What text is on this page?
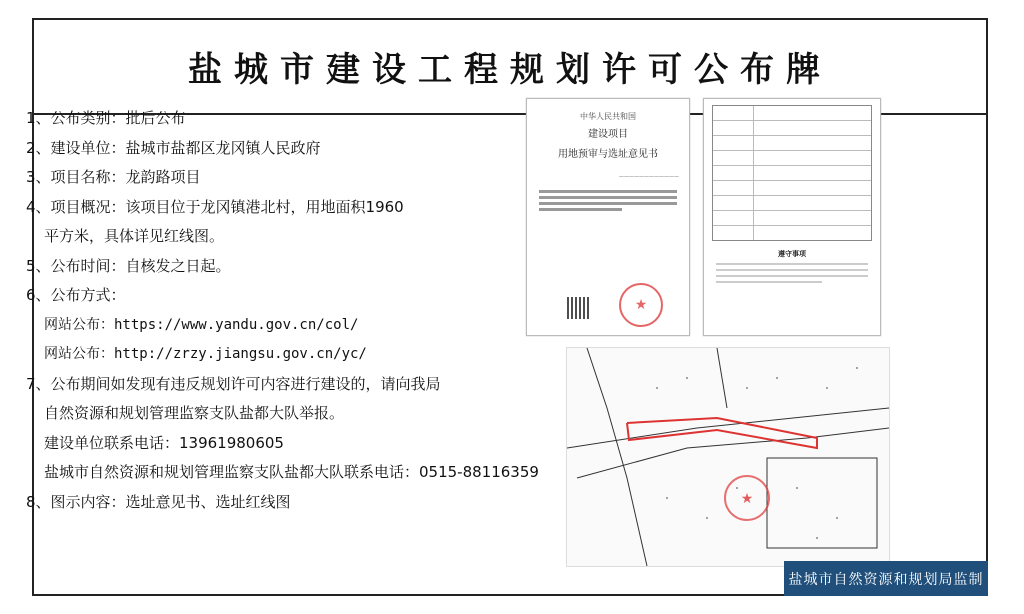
盐城市建设工程规划许可公布牌
1、公布类别：批后公布
2、建设单位：盐城市盐都区龙冈镇人民政府
3、项目名称：龙韵路项目
4、项目概况：该项目位于龙冈镇港北村，用地面积1960
平方米，具体详见红线图。
5、公布时间：自核发之日起。
6、公布方式：
网站公布：https://www.yandu.gov.cn/col/
网站公布：http://zrzy.jiangsu.gov.cn/yc/
7、公布期间如发现有违反规划许可内容进行建设的，请向我局
自然资源和规划管理监察支队盐都大队举报。
建设单位联系电话：13961980605
盐城市自然资源和规划管理监察支队盐都大队联系电话：0515-88116359
8、图示内容：选址意见书、选址红线图
中华人民共和国
建设项目
用地预审与选址意见书
————————————
★
遵守事项
★
盐城市自然资源和规划局监制
